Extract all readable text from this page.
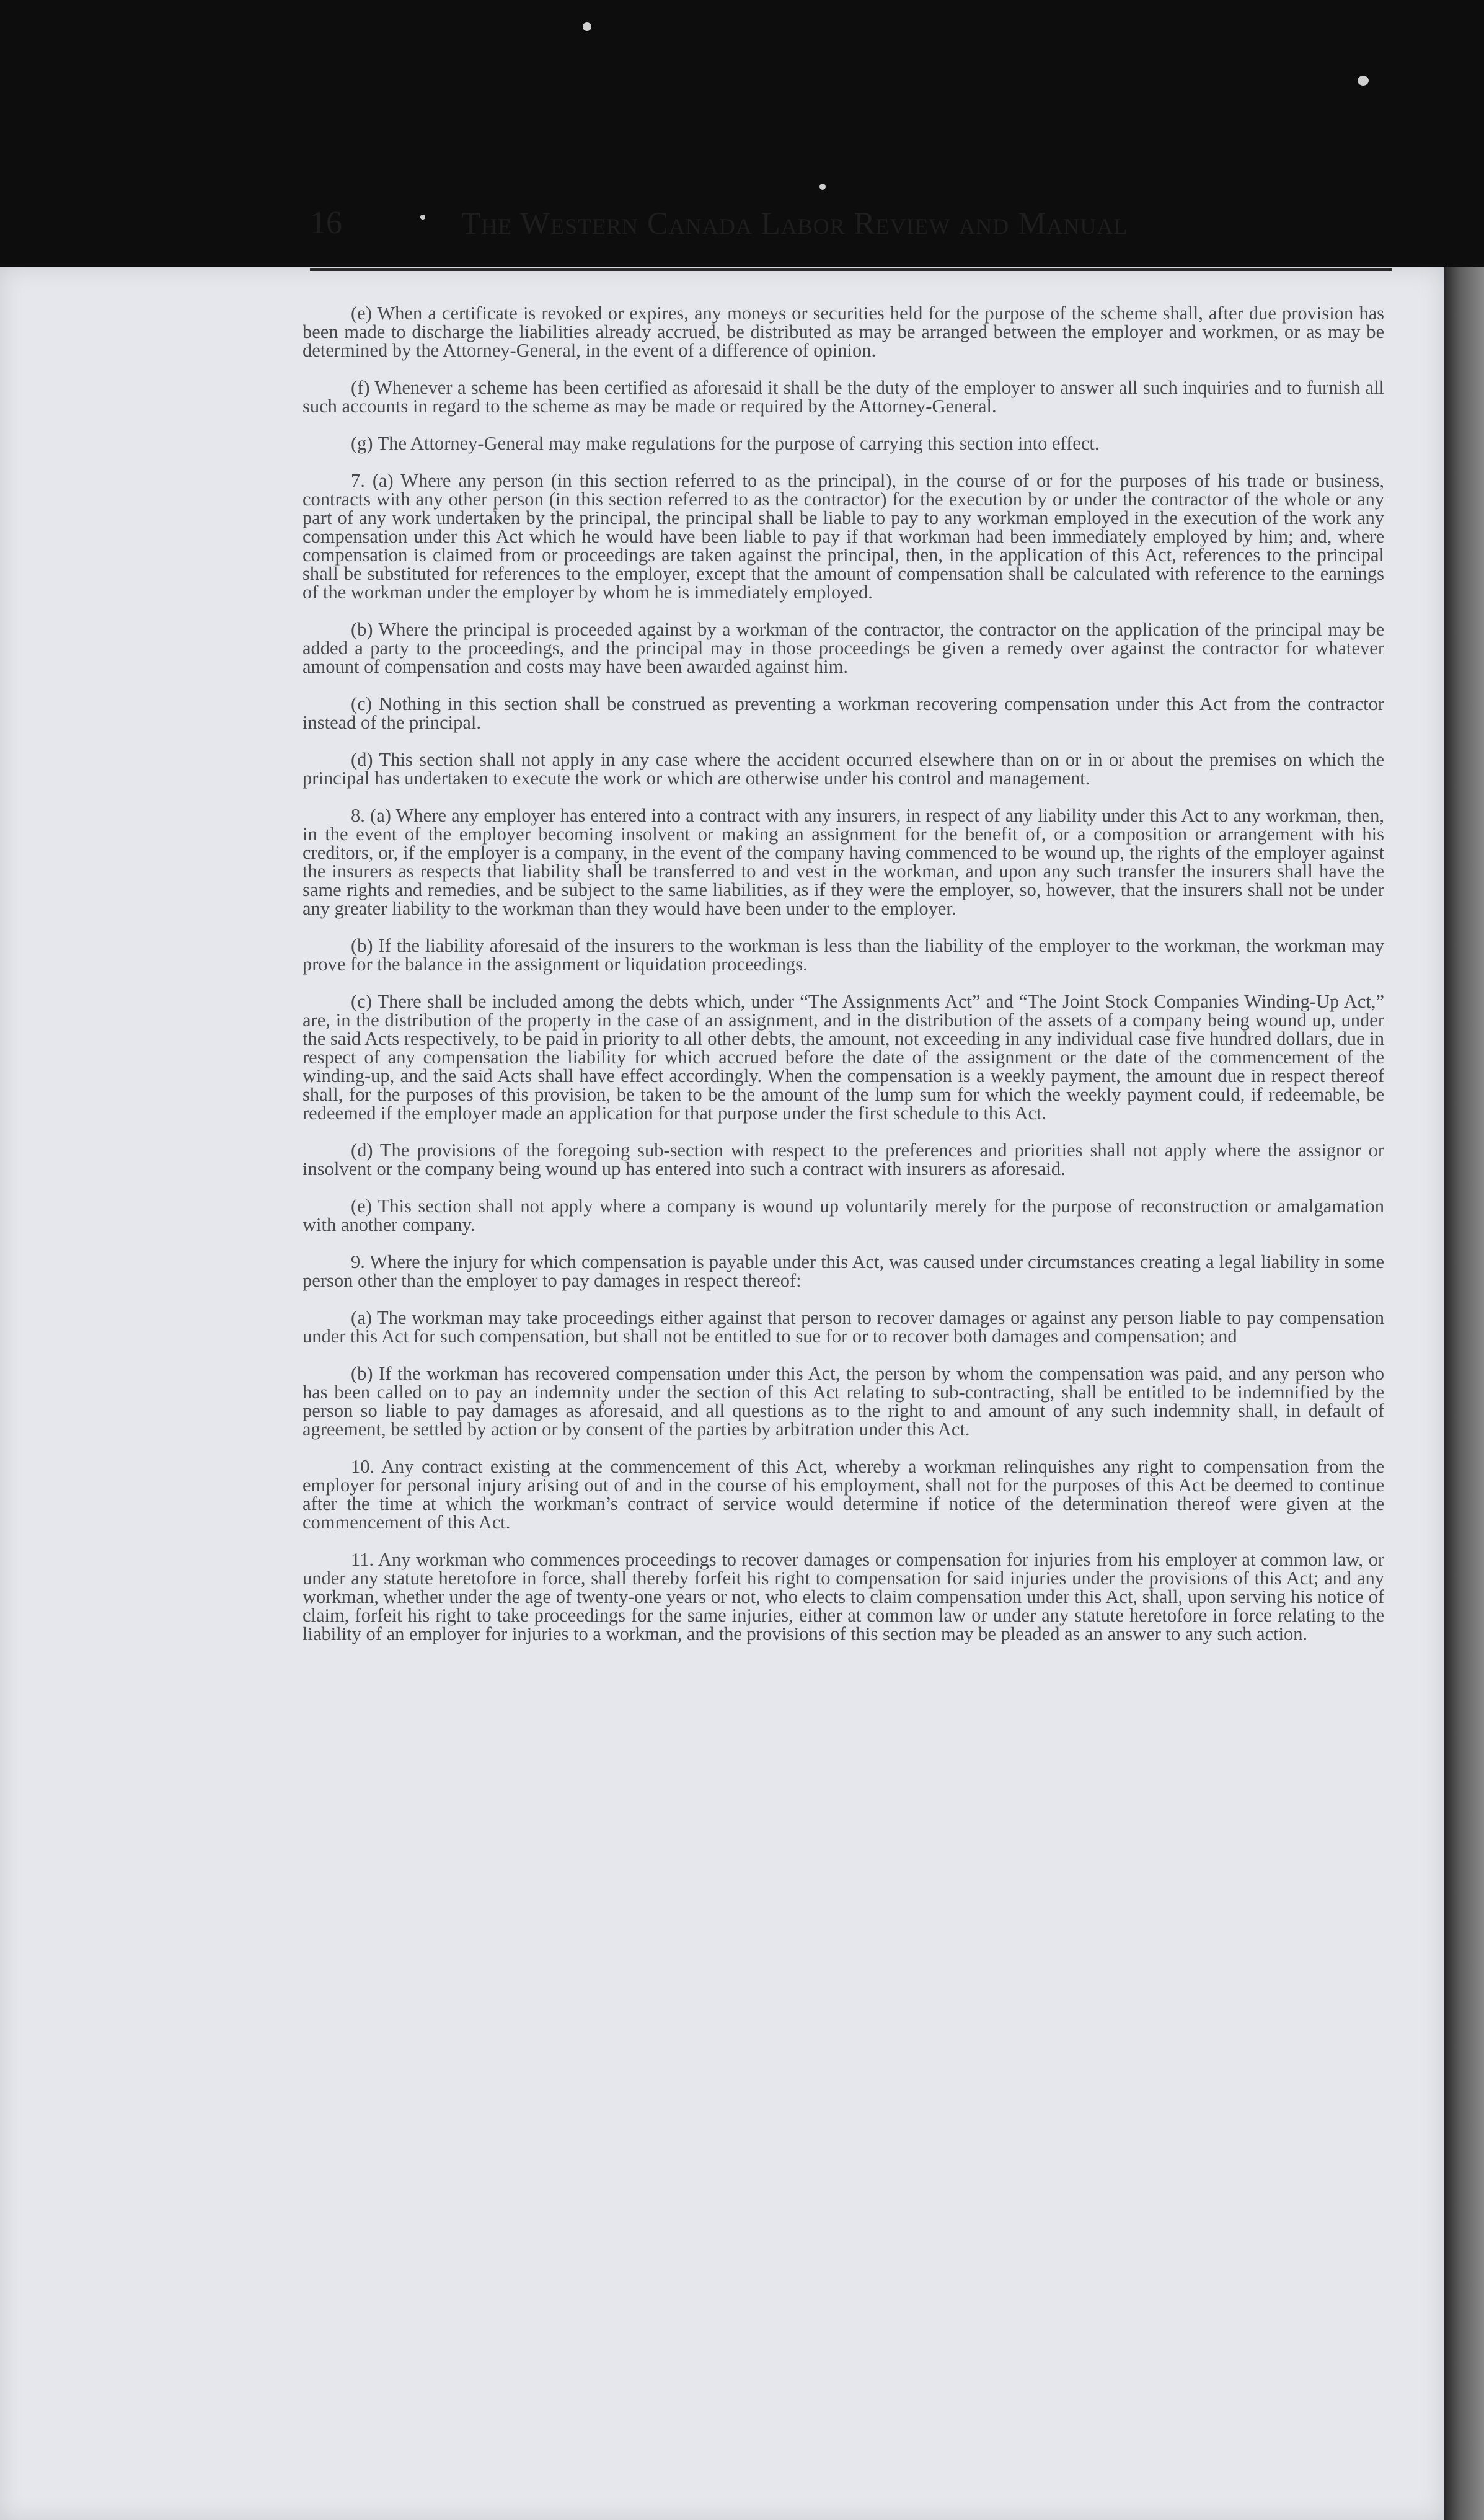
16	The Western Canada Labor Review and Manual

(e) When a certificate is revoked or expires, any moneys or securities held for the purpose of the scheme shall, after due provision has been made to discharge the liabilities already accrued, be distributed as may be arranged between the employer and workmen, or as may be determined by the Attorney-General, in the event of a difference of opinion.

(f) Whenever a scheme has been certified as aforesaid it shall be the duty of the employer to answer all such inquiries and to furnish all such accounts in regard to the scheme as may be made or required by the Attorney-General.

(g) The Attorney-General may make regulations for the purpose of carrying this section into effect.

7. (a) Where any person (in this section referred to as the principal), in the course of or for the purposes of his trade or business, contracts with any other person (in this section referred to as the contractor) for the execution by or under the contractor of the whole or any part of any work undertaken by the principal, the principal shall be liable to pay to any workman employed in the execution of the work any compensation under this Act which he would have been liable to pay if that workman had been immediately employed by him; and, where compensation is claimed from or proceedings are taken against the principal, then, in the application of this Act, references to the principal shall be substituted for references to the employer, except that the amount of compensation shall be calculated with reference to the earnings of the workman under the employer by whom he is immediately employed.

(b) Where the principal is proceeded against by a workman of the contractor, the contractor on the application of the principal may be added a party to the proceedings, and the principal may in those proceedings be given a remedy over against the contractor for whatever amount of compensation and costs may have been awarded against him.

(c) Nothing in this section shall be construed as preventing a workman recovering compensation under this Act from the contractor instead of the principal.

(d) This section shall not apply in any case where the accident occurred elsewhere than on or in or about the premises on which the principal has undertaken to execute the work or which are otherwise under his control and management.

8. (a) Where any employer has entered into a contract with any insurers, in respect of any liability under this Act to any workman, then, in the event of the employer becoming insolvent or making an assignment for the benefit of, or a composition or arrangement with his creditors, or, if the employer is a company, in the event of the company having commenced to be wound up, the rights of the employer against the insurers as respects that liability shall be transferred to and vest in the workman, and upon any such transfer the insurers shall have the same rights and remedies, and be subject to the same liabilities, as if they were the employer, so, however, that the insurers shall not be under any greater liability to the workman than they would have been under to the employer.

(b) If the liability aforesaid of the insurers to the workman is less than the liability of the employer to the workman, the workman may prove for the balance in the assignment or liquidation proceedings.

(c) There shall be included among the debts which, under “The Assignments Act” and “The Joint Stock Companies Winding-Up Act,” are, in the distribution of the property in the case of an assignment, and in the distribution of the assets of a company being wound up, under the said Acts respectively, to be paid in priority to all other debts, the amount, not exceeding in any individual case five hundred dollars, due in respect of any compensation the liability for which accrued before the date of the assignment or the date of the commencement of the winding-up, and the said Acts shall have effect accordingly. When the compensation is a weekly payment, the amount due in respect thereof shall, for the purposes of this provision, be taken to be the amount of the lump sum for which the weekly payment could, if redeemable, be redeemed if the employer made an application for that purpose under the first schedule to this Act.

(d) The provisions of the foregoing sub-section with respect to the preferences and priorities shall not apply where the assignor or insolvent or the company being wound up has entered into such a contract with insurers as aforesaid.

(e) This section shall not apply where a company is wound up voluntarily merely for the purpose of reconstruction or amalgamation with another company.

9. Where the injury for which compensation is payable under this Act, was caused under circumstances creating a legal liability in some person other than the employer to pay damages in respect thereof:

(a) The workman may take proceedings either against that person to recover damages or against any person liable to pay compensation under this Act for such compensation, but shall not be entitled to sue for or to recover both damages and compensation; and

(b) If the workman has recovered compensation under this Act, the person by whom the compensation was paid, and any person who has been called on to pay an indemnity under the section of this Act relating to sub-contracting, shall be entitled to be indemnified by the person so liable to pay damages as aforesaid, and all questions as to the right to and amount of any such indemnity shall, in default of agreement, be settled by action or by consent of the parties by arbitration under this Act.

10. Any contract existing at the commencement of this Act, whereby a workman relinquishes any right to compensation from the employer for personal injury arising out of and in the course of his employment, shall not for the purposes of this Act be deemed to continue after the time at which the workman’s contract of service would determine if notice of the determination thereof were given at the commencement of this Act.

11. Any workman who commences proceedings to recover damages or compensation for injuries from his employer at common law, or under any statute heretofore in force, shall thereby forfeit his right to compensation for said injuries under the provisions of this Act; and any workman, whether under the age of twenty-one years or not, who elects to claim compensation under this Act, shall, upon serving his notice of claim, forfeit his right to take proceedings for the same injuries, either at common law or under any statute heretofore in force relating to the liability of an employer for injuries to a workman, and the provisions of this section may be pleaded as an answer to any such action.
